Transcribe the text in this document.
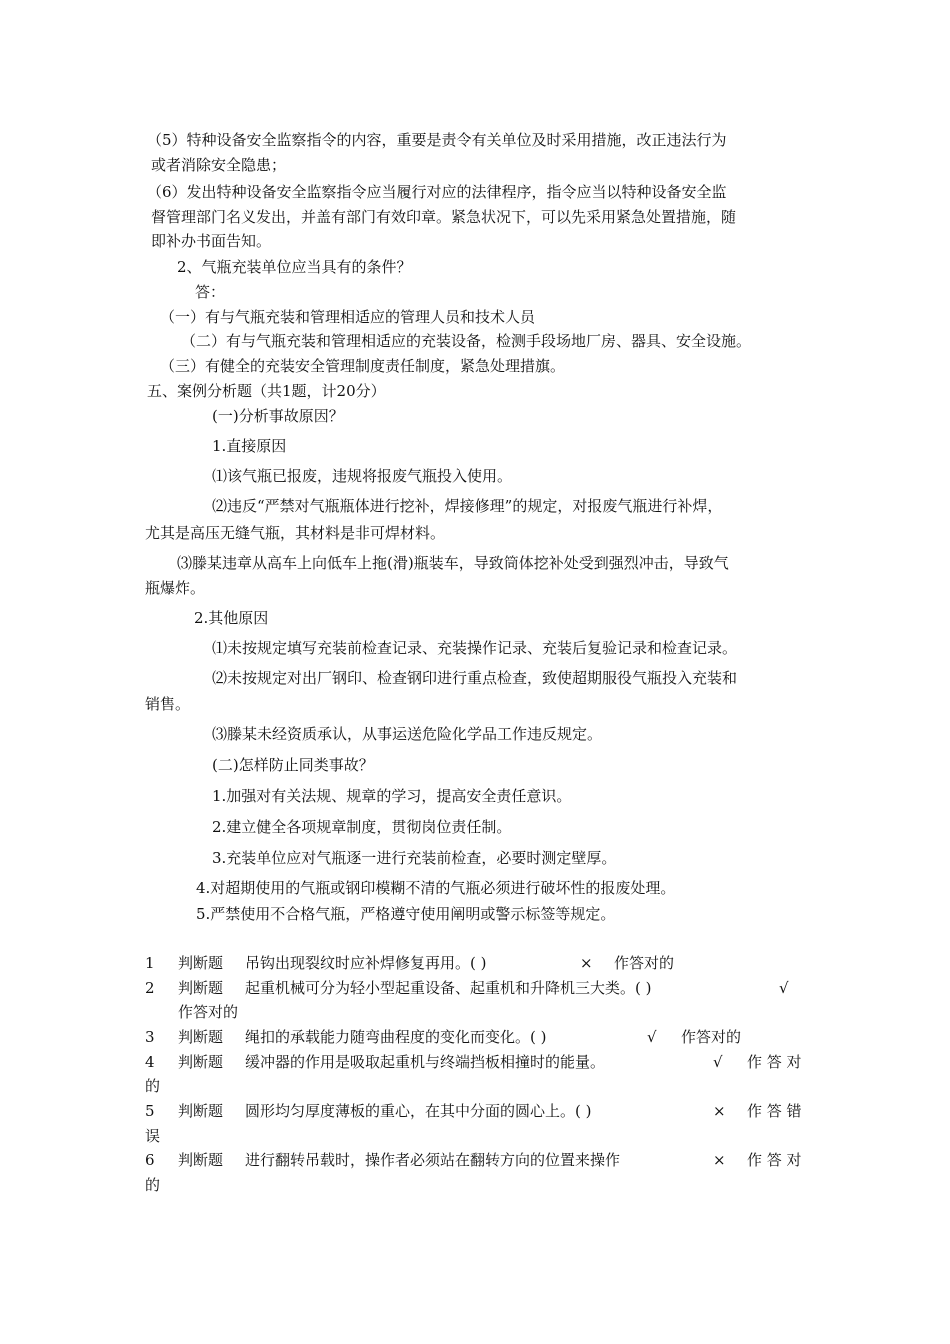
（5）特种设备安全监察指令的内容，重要是责令有关单位及时采用措施，改正违法行为
或者消除安全隐患；
（6）发出特种设备安全监察指令应当履行对应的法律程序，指令应当以特种设备安全监
督管理部门名义发出，并盖有部门有效印章。紧急状况下，可以先采用紧急处置措施，随
即补办书面告知。
2、气瓶充装单位应当具有的条件？
答：
（一）有与气瓶充装和管理相适应的管理人员和技术人员
（二）有与气瓶充装和管理相适应的充装设备，检测手段场地厂房、器具、安全设施。
（三）有健全的充装安全管理制度责任制度，紧急处理措旗。
五、案例分析题（共1题，计20分）
(一)分析事故原因？
1.直接原因
⑴该气瓶已报废，违规将报废气瓶投入使用。
⑵违反“严禁对气瓶瓶体进行挖补，焊接修理”的规定，对报废气瓶进行补焊，
尤其是高压无缝气瓶，其材料是非可焊材料。
⑶滕某违章从高车上向低车上拖(滑)瓶装车，导致筒体挖补处受到强烈冲击，导致气
瓶爆炸。
2.其他原因
⑴未按规定填写充装前检查记录、充装操作记录、充装后复验记录和检查记录。
⑵未按规定对出厂钢印、检查钢印进行重点检查，致使超期服役气瓶投入充装和
销售。
⑶滕某未经资质承认，从事运送危险化学品工作违反规定。
(二)怎样防止同类事故？
1.加强对有关法规、规章的学习，提高安全责任意识。
2.建立健全各项规章制度，贯彻岗位责任制。
3.充装单位应对气瓶逐一进行充装前检查，必要时测定壁厚。
4.对超期使用的气瓶或钢印模糊不清的气瓶必须进行破坏性的报废处理。
5.严禁使用不合格气瓶，严格遵守使用阐明或警示标签等规定。
1 判断题 吊钩出现裂纹时应补焊修复再用。( )	× 作答对的
2 判断题 起重机械可分为轻小型起重设备、起重机和升降机三大类。( )	√
作答对的
3 判断题 绳扣的承载能力随弯曲程度的变化而变化。( )	√ 作答对的
4 判断题 缓冲器的作用是吸取起重机与终端挡板相撞时的能量。	√ 作 答 对
的
5 判断题 圆形均匀厚度薄板的重心，在其中分面的圆心上。( )	× 作 答 错
误
6 判断题 进行翻转吊载时，操作者必须站在翻转方向的位置来操作	× 作 答 对
的
